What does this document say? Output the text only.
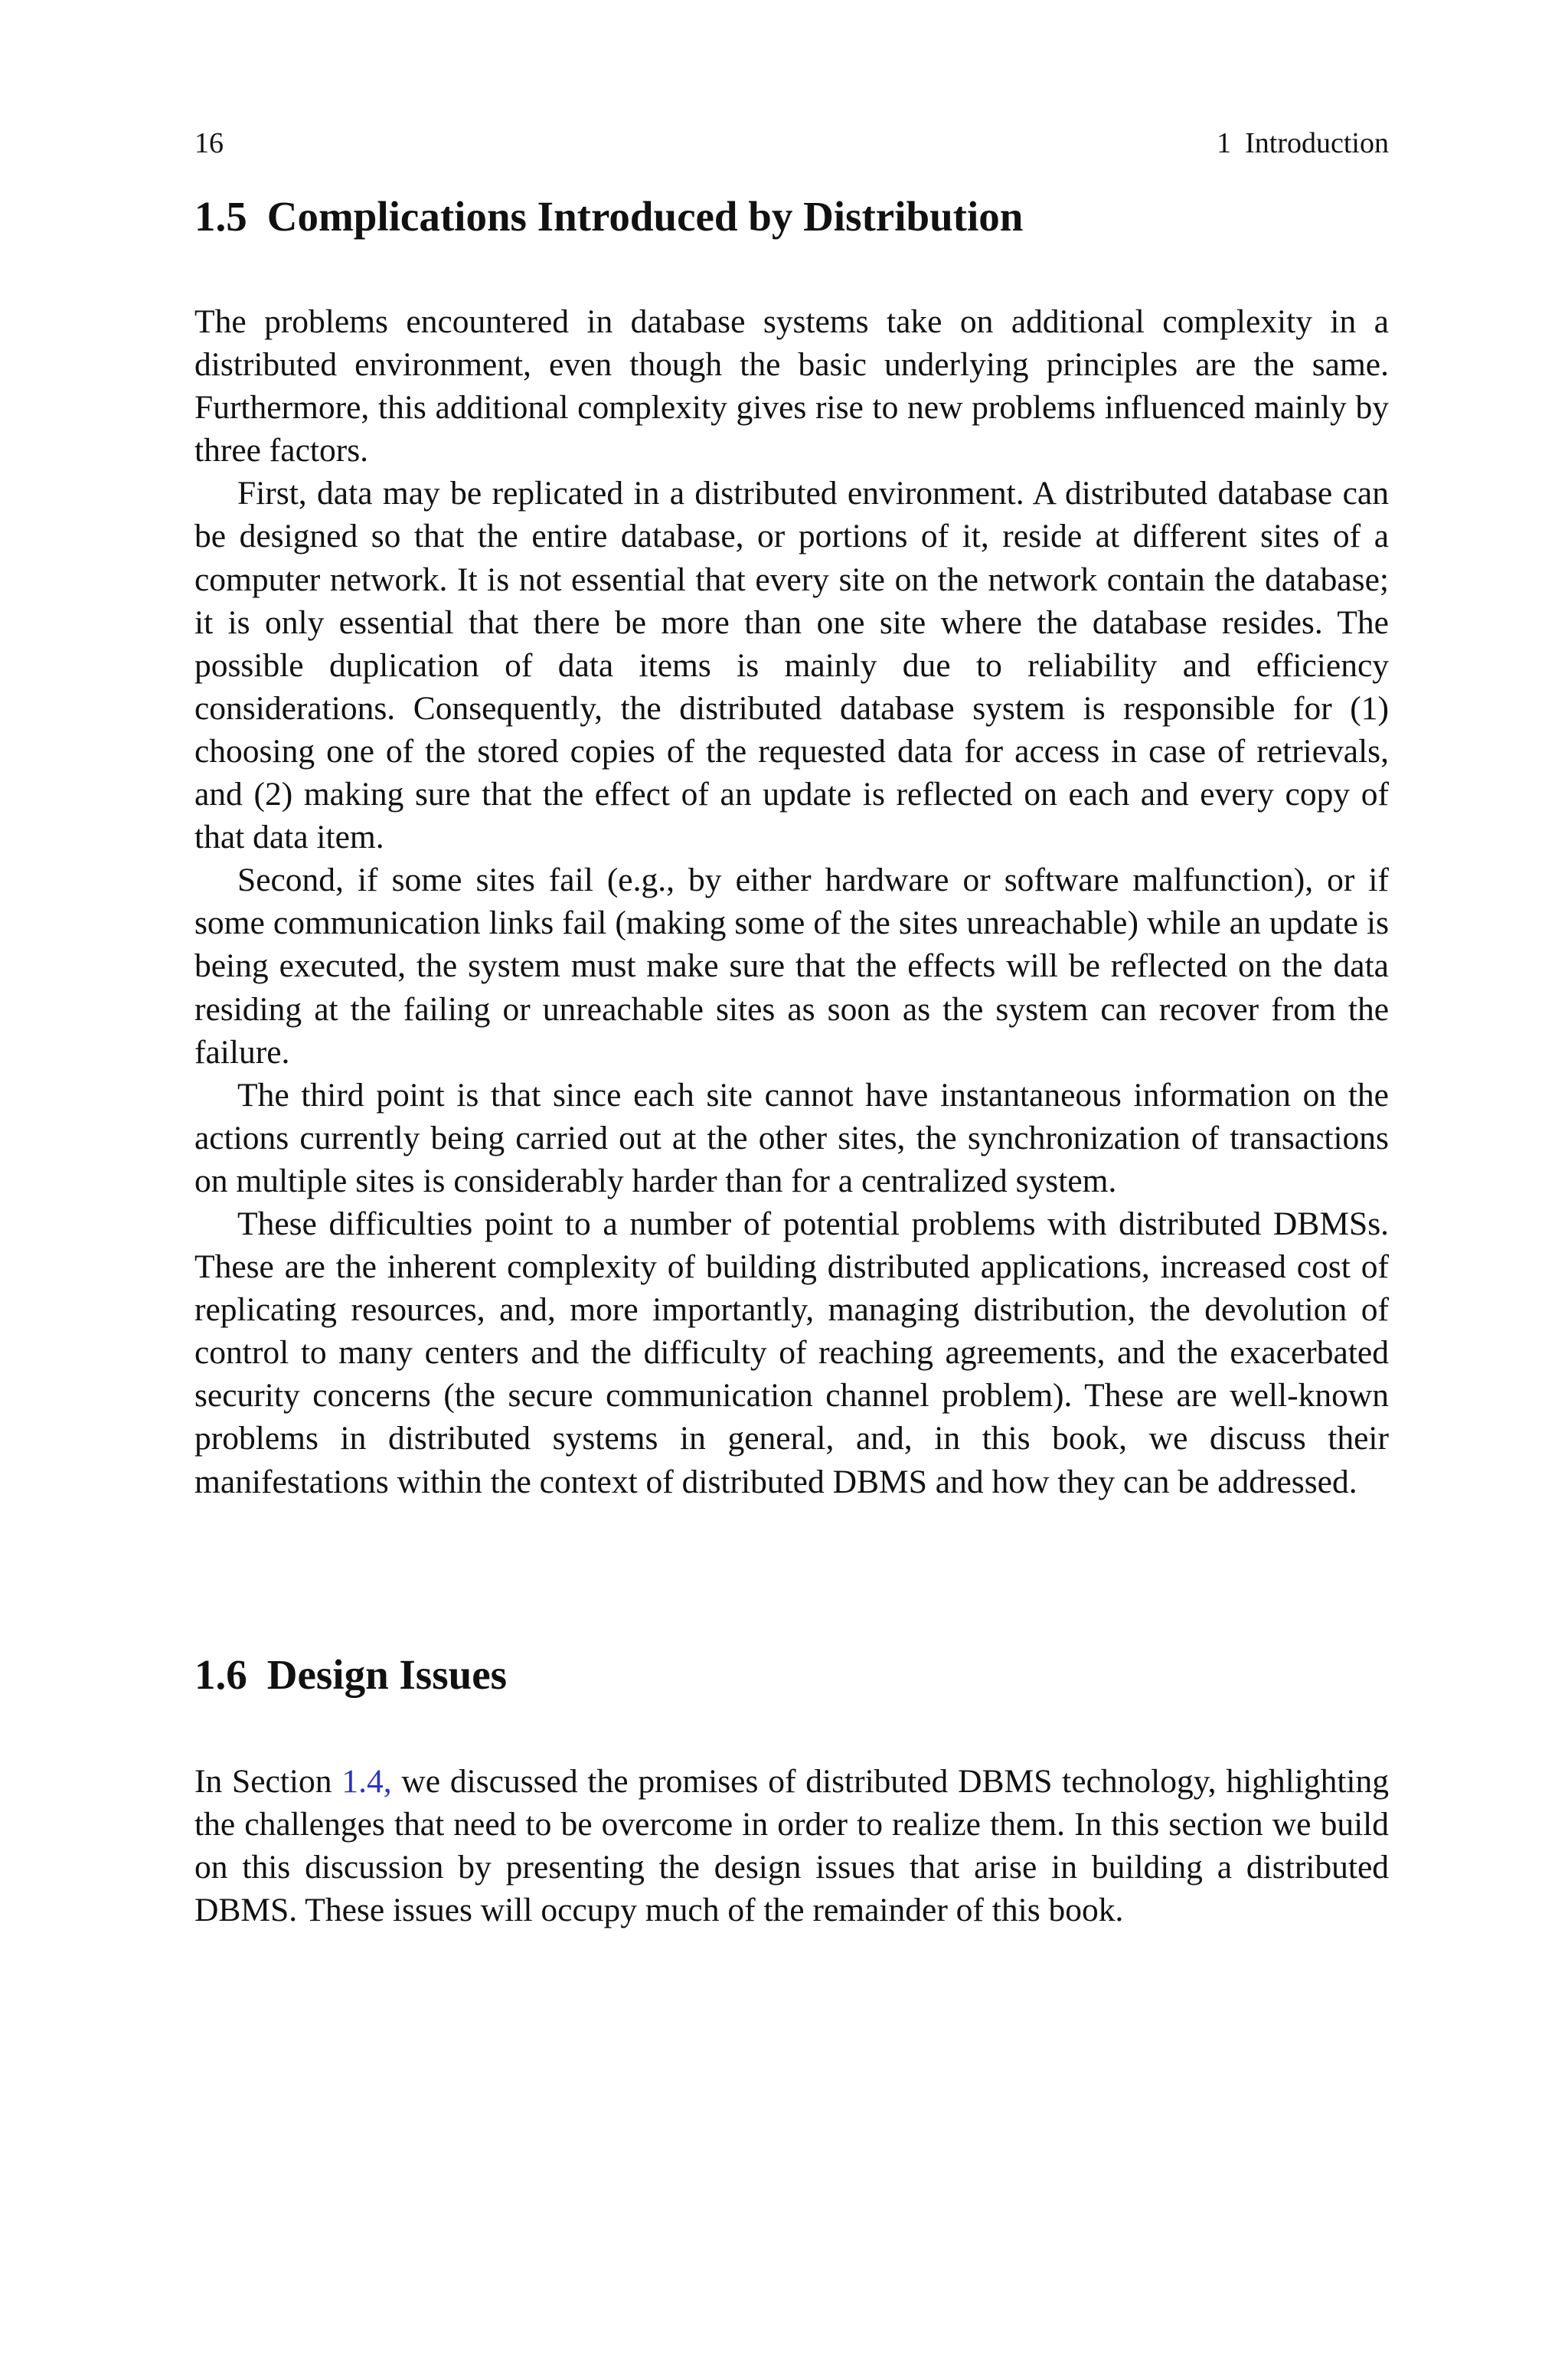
16	1 Introduction
1.5 Complications Introduced by Distribution

The problems encountered in database systems take on additional complexity in a distributed environment, even though the basic underlying principles are the same. Furthermore, this additional complexity gives rise to new problems influenced mainly by three factors.

First, data may be replicated in a distributed environment. A distributed database can be designed so that the entire database, or portions of it, reside at different sites of a computer network. It is not essential that every site on the network contain the database; it is only essential that there be more than one site where the database resides. The possible duplication of data items is mainly due to reliability and efficiency considerations. Consequently, the distributed database system is responsible for (1) choosing one of the stored copies of the requested data for access in case of retrievals, and (2) making sure that the effect of an update is reflected on each and every copy of that data item.

Second, if some sites fail (e.g., by either hardware or software malfunction), or if some communication links fail (making some of the sites unreachable) while an update is being executed, the system must make sure that the effects will be reflected on the data residing at the failing or unreachable sites as soon as the system can recover from the failure.

The third point is that since each site cannot have instantaneous information on the actions currently being carried out at the other sites, the synchronization of transactions on multiple sites is considerably harder than for a centralized system.

These difficulties point to a number of potential problems with distributed DBMSs. These are the inherent complexity of building distributed applications, increased cost of replicating resources, and, more importantly, managing distribution, the devolution of control to many centers and the difficulty of reaching agreements, and the exacerbated security concerns (the secure communication channel problem). These are well-known problems in distributed systems in general, and, in this book, we discuss their manifestations within the context of distributed DBMS and how they can be addressed.

1.6 Design Issues

In Section 1.4, we discussed the promises of distributed DBMS technology, highlighting the challenges that need to be overcome in order to realize them. In this section we build on this discussion by presenting the design issues that arise in building a distributed DBMS. These issues will occupy much of the remainder of this book.
